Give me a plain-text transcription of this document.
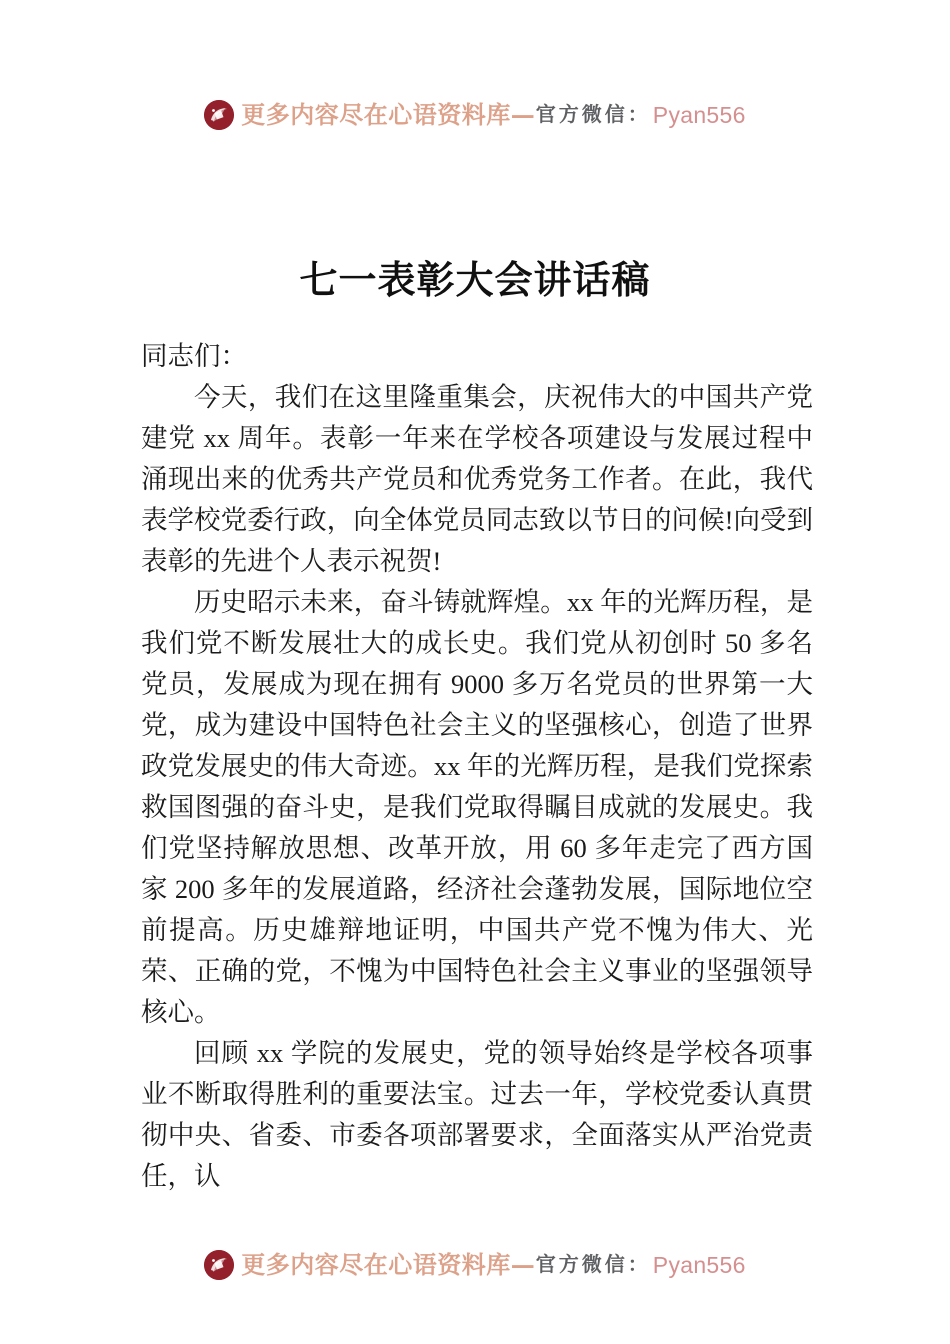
更多内容尽在心语资料库 — 官方微信： Pyan556
七一表彰大会讲话稿

同志们：

今天，我们在这里隆重集会，庆祝伟大的中国共产党建党 xx 周年。表彰一年来在学校各项建设与发展过程中涌现出来的优秀共产党员和优秀党务工作者。在此，我代表学校党委行政，向全体党员同志致以节日的问候!向受到表彰的先进个人表示祝贺!

历史昭示未来，奋斗铸就辉煌。xx 年的光辉历程，是我们党不断发展壮大的成长史。我们党从初创时 50 多名党员，发展成为现在拥有 9000 多万名党员的世界第一大党，成为建设中国特色社会主义的坚强核心，创造了世界政党发展史的伟大奇迹。xx 年的光辉历程，是我们党探索救国图强的奋斗史，是我们党取得瞩目成就的发展史。我们党坚持解放思想、改革开放，用 60 多年走完了西方国家 200 多年的发展道路，经济社会蓬勃发展，国际地位空前提高。历史雄辩地证明，中国共产党不愧为伟大、光荣、正确的党，不愧为中国特色社会主义事业的坚强领导核心。

回顾 xx 学院的发展史，党的领导始终是学校各项事业不断取得胜利的重要法宝。过去一年，学校党委认真贯彻中央、省委、市委各项部署要求，全面落实从严治党责任，认

更多内容尽在心语资料库 — 官方微信： Pyan556
